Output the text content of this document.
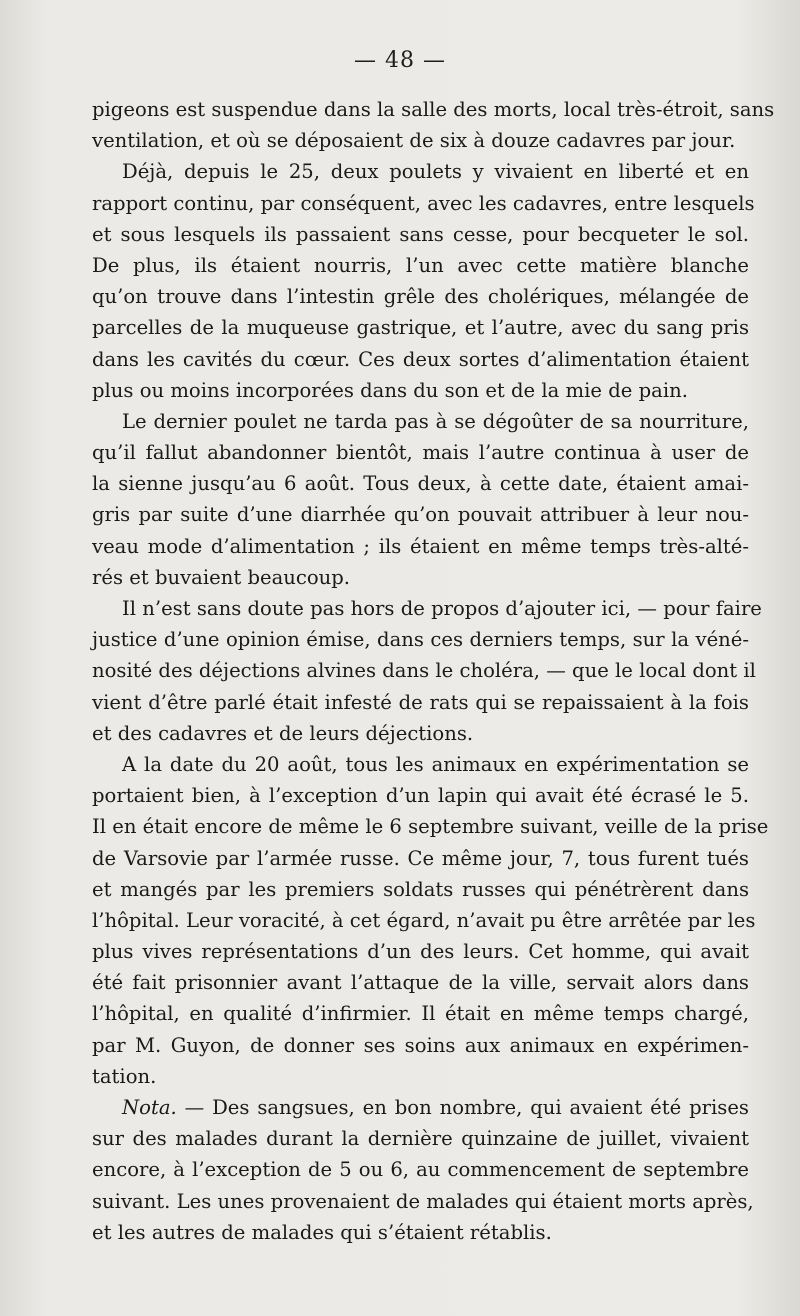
— 48 —
pigeons est suspendue dans la salle des morts, local très-étroit, sans
ventilation, et où se déposaient de six à douze cadavres par jour.
Déjà, depuis le 25, deux poulets y vivaient en liberté et en
rapport continu, par conséquent, avec les cadavres, entre lesquels
et sous lesquels ils passaient sans cesse, pour becqueter le sol.
De plus, ils étaient nourris, l’un avec cette matière blanche
qu’on trouve dans l’intestin grêle des cholériques, mélangée de
parcelles de la muqueuse gastrique, et l’autre, avec du sang pris
dans les cavités du cœur. Ces deux sortes d’alimentation étaient
plus ou moins incorporées dans du son et de la mie de pain.
Le dernier poulet ne tarda pas à se dégoûter de sa nourriture,
qu’il fallut abandonner bientôt, mais l’autre continua à user de
la sienne jusqu’au 6 août. Tous deux, à cette date, étaient amai-
gris par suite d’une diarrhée qu’on pouvait attribuer à leur nou-
veau mode d’alimentation ; ils étaient en même temps très-alté-
rés et buvaient beaucoup.
Il n’est sans doute pas hors de propos d’ajouter ici, — pour faire
justice d’une opinion émise, dans ces derniers temps, sur la véné-
nosité des déjections alvines dans le choléra, — que le local dont il
vient d’être parlé était infesté de rats qui se repaissaient à la fois
et des cadavres et de leurs déjections.
A la date du 20 août, tous les animaux en expérimentation se
portaient bien, à l’exception d’un lapin qui avait été écrasé le 5.
Il en était encore de même le 6 septembre suivant, veille de la prise
de Varsovie par l’armée russe. Ce même jour, 7, tous furent tués
et mangés par les premiers soldats russes qui pénétrèrent dans
l’hôpital. Leur voracité, à cet égard, n’avait pu être arrêtée par les
plus vives représentations d’un des leurs. Cet homme, qui avait
été fait prisonnier avant l’attaque de la ville, servait alors dans
l’hôpital, en qualité d’infirmier. Il était en même temps chargé,
par M. Guyon, de donner ses soins aux animaux en expérimen-
tation.
Nota. — Des sangsues, en bon nombre, qui avaient été prises
sur des malades durant la dernière quinzaine de juillet, vivaient
encore, à l’exception de 5 ou 6, au commencement de septembre
suivant. Les unes provenaient de malades qui étaient morts après,
et les autres de malades qui s’étaient rétablis.
